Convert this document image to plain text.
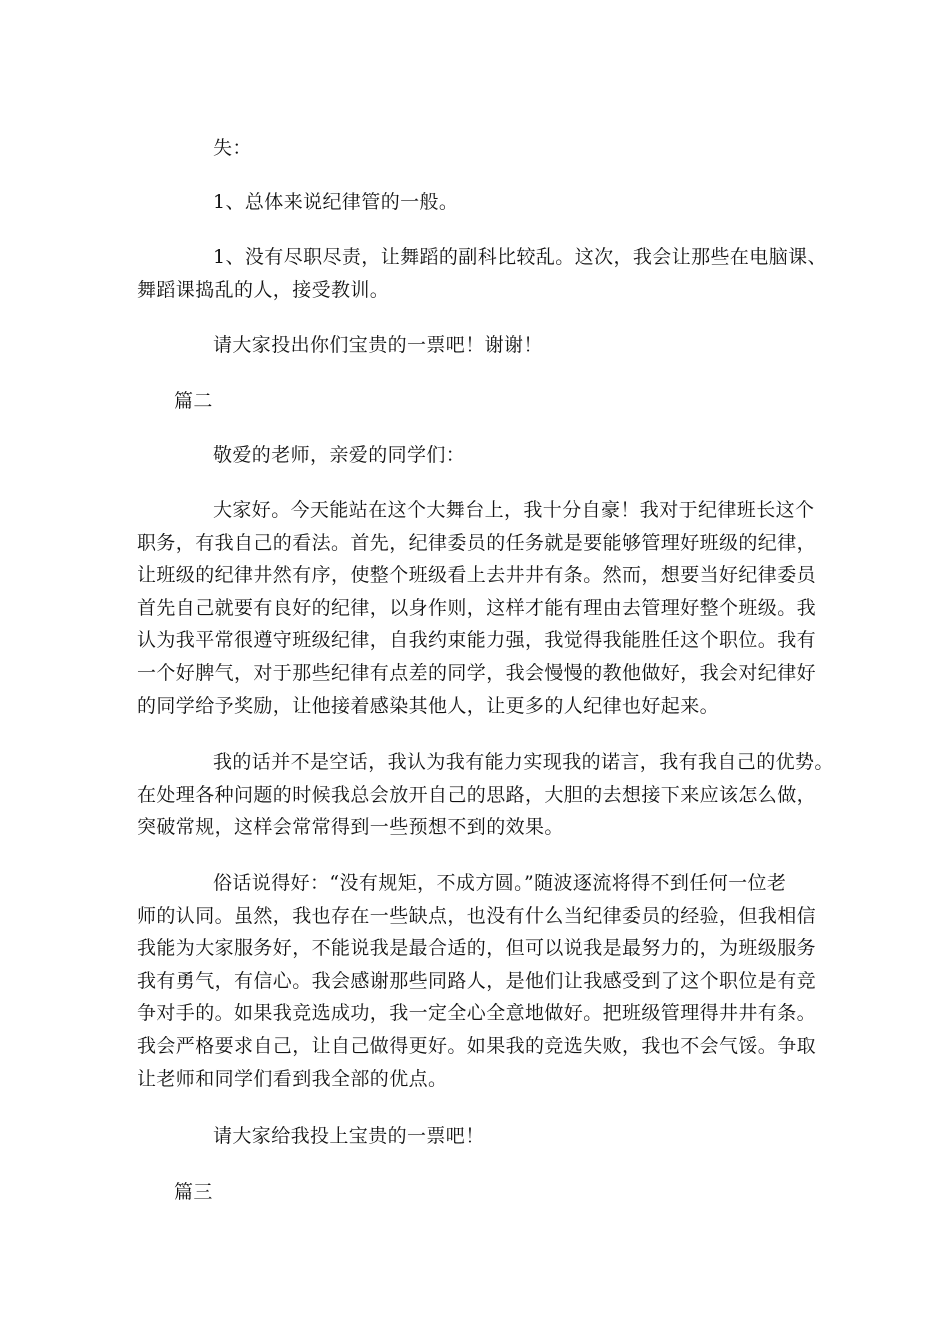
失：

1、总体来说纪律管的一般。

1、没有尽职尽责，让舞蹈的副科比较乱。这次，我会让那些在电脑课、
舞蹈课捣乱的人，接受教训。

请大家投出你们宝贵的一票吧！谢谢！

篇二

敬爱的老师，亲爱的同学们：

大家好。今天能站在这个大舞台上，我十分自豪！我对于纪律班长这个
职务，有我自己的看法。首先，纪律委员的任务就是要能够管理好班级的纪律，
让班级的纪律井然有序，使整个班级看上去井井有条。然而，想要当好纪律委员
首先自己就要有良好的纪律，以身作则，这样才能有理由去管理好整个班级。我
认为我平常很遵守班级纪律，自我约束能力强，我觉得我能胜任这个职位。我有
一个好脾气，对于那些纪律有点差的同学，我会慢慢的教他做好，我会对纪律好
的同学给予奖励，让他接着感染其他人，让更多的人纪律也好起来。

我的话并不是空话，我认为我有能力实现我的诺言，我有我自己的优势。
在处理各种问题的时候我总会放开自己的思路，大胆的去想接下来应该怎么做，
突破常规，这样会常常得到一些预想不到的效果。

俗话说得好：“没有规矩，不成方圆。”随波逐流将得不到任何一位老
师的认同。虽然，我也存在一些缺点，也没有什么当纪律委员的经验，但我相信
我能为大家服务好，不能说我是最合适的，但可以说我是最努力的，为班级服务
我有勇气，有信心。我会感谢那些同路人，是他们让我感受到了这个职位是有竞
争对手的。如果我竞选成功，我一定全心全意地做好。把班级管理得井井有条。
我会严格要求自己，让自己做得更好。如果我的竞选失败，我也不会气馁。争取
让老师和同学们看到我全部的优点。

请大家给我投上宝贵的一票吧！

篇三
